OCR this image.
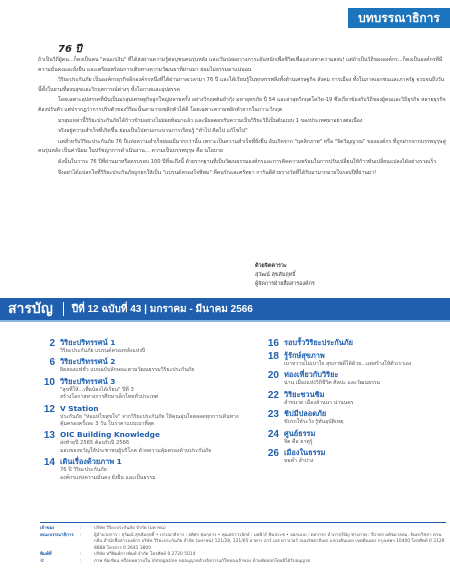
บทบรรณาธิการ
76 ปี

ถ้าเป็นวิถีผู้คน...ก็คงเป็นคน "คนแก่เงิน" ที่ได้ส่งผ่านความรู้ต่อบุชนคนรุ่นหลัง และเริ่มปล่อยวางภาระอันหนักเพื่อชีวิตเพื่อแสวงหาความสงบ! แต่ถ้าเป็นวิถีขององค์กร...ก็คงเป็นองค์กรที่มีความมั่นคงและยั่งยืน และเตรียมพร้อมการเติบทางความวัฒนธาทีผ่านมา ย่อมไม่ธรรมดาแน่นอน

วิริยะประกันภัย เป็นองค์กรธุรกิจอีกองค์กรหนึ่งที่ได้ผ่านกาลเวลามา 76 ปี และได้เรียนรู้ในทุกสรรพสิ่งทั้งด้านเศรษฐกิจ สังคม การเมือง ทั้งในภาคเอกชนและภาครัฐ จวบจนถึงวันนี้ทั้งในยามที่สงบสุขและวิกฤตการณ์ต่างๆ ทั้งโอกาสและอุปสรรค

โดยเฉพาะอุปสรรคที่นับเป็นมรสุมเศรษฐกิจลูกใหญ่หลายครั้ง อย่างวิกฤตต้มยำกุ้ง มหาอุทกภัย ปี 54 และล่าสุดวิกฤตโควิด-19 ซึ่งเกี่ยวข้องกับวิถีของผู้คนและวิถีธุรกิจ หลายธุรกิจต้องปรับตัว แต่ปรากฏว่าการปรับตัวของวิริยะนั้นสามารถพลิกตัวได้ดี โดยเฉพาะความพลิกตัวจากในภาวะวิกฤต

มรสุมเหล่านี้วิริยะประกันภัยได้ก้าวข้ามอย่างไม่ย่อยท้อมาแล้ว และมีผลตอบรับความเป็นวิริยะวิถีเป็นต้นแบบ 1 ของประเทศมาอย่างต่อเนื่อง

จริงอยู่ความสำเร็จที่เกิดขึ้น ย่อมเป็นไปตามกระบวนการเรียนรู้ "ทำไป คิดไป แก้ไขไป"

แต่สำหรับวิริยะประกันภัย 76 ปีแห่งความสำเร็จย่อมมีมากกว่านั้น เพราะเป็นความสำเร็จที่ยั่งยืน อันเกิดจาก "บุคลิกภาพ" หรือ "จิตวิญญาณ" ขององค์กร ที่ถูกฝากจากบรรพบุรุษสู่คนรุ่นหลัง เป็นค่านิยม ในปรัชญาการดำเนินงาน... ความเป็นบรรพบุรุษ คือ นโยบาย

ดังนั้นในวาระ 76 ปีที่ผ่านมาหรือครบรอบ 100 ปีที่จะถึงนี้ ด้วยรากฐานที่เป็นวัฒนธรรมองค์กรและการคิดความพร้อมในการปรับเปลี่ยนให้ก้าวทันเปลี่ยนแปลงได้อย่างรวดเร็ว

จึงอย่าได้แปลกใจที่วิริยะประกันภัยถูกยกให้เป็น "แบรนด์ครองใจชีพม" ที่คนรักและศรัทธา การันตีด้วยรางวัลที่ได้รับมามากมายในรอบปีที่ผ่านมา!

ด้วยจิตคารวะ
สุวัฒน์ สุขสัมฤทธิ์
ผู้จัดการฝ่ายสื่อสารองค์กร
สารบัญ ปีที่ 12 ฉบับที่ 43 | มกราคม - มีนาคม 2566
2 วิริยะปริทรรศน์ 1
วิริยะประกันภัย แบรนด์ครองหลังแห่งปี
6 วิริยะปริทรรศน์ 2
ผิดสองแฟชั่ว แบบฉบับลักษณะตามวัฒนธรรมวิริยะประกันภัย
10 วิริยะปริทรรศน์ 3
"สุขที่ให้...เพื่อน้องได้เรียน" ปีที่ 3
สร้างโอกาสทางการศึกษาเด็กไทยทั่วประเทศ
12 V Station
ประกันภัย "ห่อแห่ไขสุขใจ" จากวิริยะประกันภัย ให้คุณอุ่นใจตลอดทุกการเดินทาง คุ้มครองครั้งละ 3 วัน ในราคาแบบเบาที่สุด
13 OIC Building Knowledge
ส่งท้ายปี 2565 ต้อนรับปี 2566
มอบของขวัญให้ประชาชนผู้บริโภค ด้วยความคุ้มครองด้านประกันภัย
14 เดินเรื่องด้วยภาพ 1
76 ปี วิริยะประกันภัย
องค์กรแห่งความมั่นคง ยั่งยืน และเป็นธรรม
16 รอบรั้ววิริยะประกันภัย
18 รู้รักษ์สุขภาพ
เบาหวานไม่เบาใจ สุขภาพดีได้ด้วย...แค่สร้างให้ตัวเราเอง
20 ท่องเที่ยวกับวิริยะ
น่าน เมืองแห่งวิถีชีวิต ศิลปะ และวัฒนธรรม
22 วิริยะชวนชิม
ลำขนาด เมืองล้านนา น่านนคร
23 ชิปมีปลอดภัย
ขับรถให้ระวัง รู้ทันอุบัติเหตุ
24 ศูนย์ธรรม
จิต คือ ธาตุรู้
26 เมืองในธรรม
หอคำ ลำปาง
เจ้าของ	:	บริษัท วิริยะประกันภัย จำกัด (มหาชน)
คณะบรรณาธิการ	:	ผู้อำนวยการ : สุวัฒน์ สุขสัมฤทธิ์ • บรรณาธิการ : อดิศร ทุ่มกุลวร • คุณสถาวรลักษ์ : มยพิวร์ ชิมประช • ออกแบบ : ดลวาจา อำภาจร์ปัญ ช่างภาพ : ปีรวทร ผดัชมาลลม, จันทรวิชกา ตวนกลิ่น สำนักสื่อสารองค์กร บริษัท วิริยะประกันภัย จำกัด (มหาชน) 121/28, 121/65 อาคาร อาร์ เอส ทาวเวอร์ ถนนรัชดาภิเษก แขวงดินแดง เขตดินแดง กรุงเทพฯ 10400 โทรศัพท์ 0 2129 8888 โทรสาร 0 2641 3800
พิมพ์ที่	:	บริษัท ทวีพิมพ์การพิมพ์ จำกัด โทรศัพท์ 0 2720 5014
©	:	ภาพ ข้อเขียน หรือบทความใน Vimagazine ขออนุญาตอ้างอิงการแก้ใขของเจ้าของ ห้ามคัดลอกโดยมิได้รับอนุญาต
